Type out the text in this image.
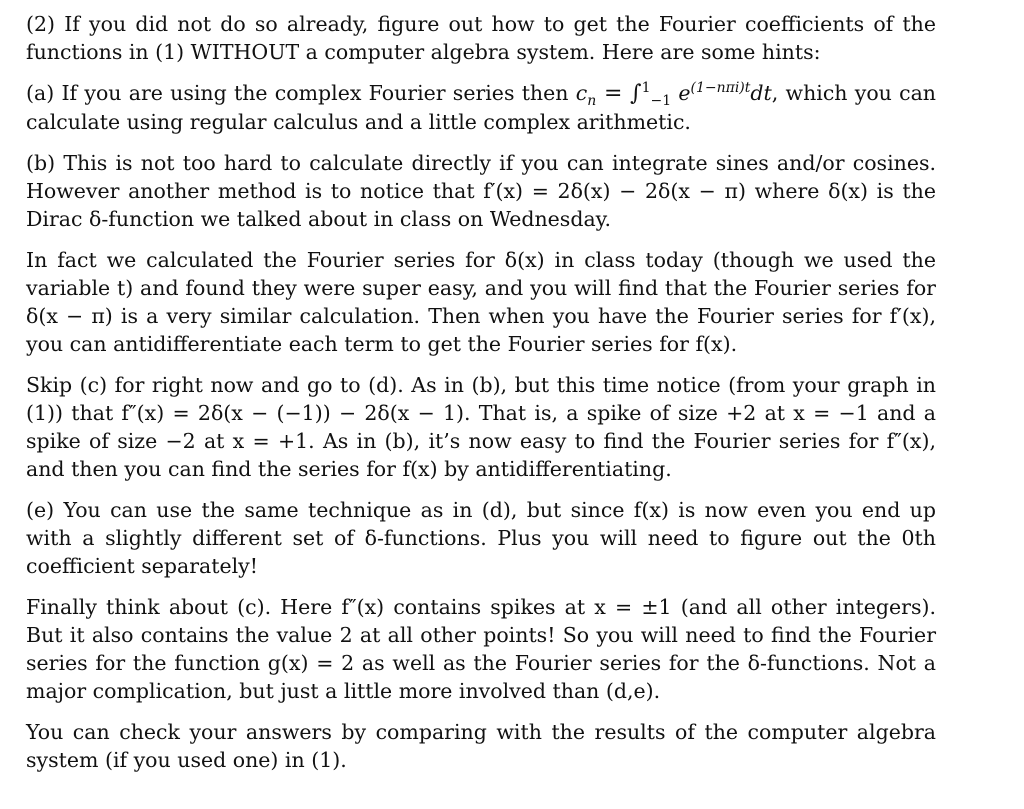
(2) If you did not do so already, figure out how to get the Fourier coefficients of the functions in (1) WITHOUT a computer algebra system. Here are some hints:

(a) If you are using the complex Fourier series then $c_n = \int^1_{-1}$ $e^{(1-n\pi i)t}dt$, which you can calculate using regular calculus and a little complex arithmetic.

(b) This is not too hard to calculate directly if you can integrate sines and/or cosines. However another method is to notice that f′(x) = 2δ(x) − 2δ(x − π) where δ(x) is the Dirac δ-function we talked about in class on Wednesday.

In fact we calculated the Fourier series for δ(x) in class today (though we used the variable t) and found they were super easy, and you will find that the Fourier series for δ(x − π) is a very similar calculation. Then when you have the Fourier series for f′(x), you can antidifferentiate each term to get the Fourier series for f(x).

Skip (c) for right now and go to (d). As in (b), but this time notice (from your graph in (1)) that f″(x) = 2δ(x − (−1)) − 2δ(x − 1). That is, a spike of size +2 at x = −1 and a spike of size −2 at x = +1. As in (b), it’s now easy to find the Fourier series for f″(x), and then you can find the series for f(x) by antidifferentiating.

(e) You can use the same technique as in (d), but since f(x) is now even you end up with a slightly different set of δ-functions. Plus you will need to figure out the 0th coefficient separately!

Finally think about (c). Here f″(x) contains spikes at x = ±1 (and all other integers). But it also contains the value 2 at all other points! So you will need to find the Fourier series for the function g(x) = 2 as well as the Fourier series for the δ-functions. Not a major complication, but just a little more involved than (d,e).

You can check your answers by comparing with the results of the computer algebra system (if you used one) in (1).
